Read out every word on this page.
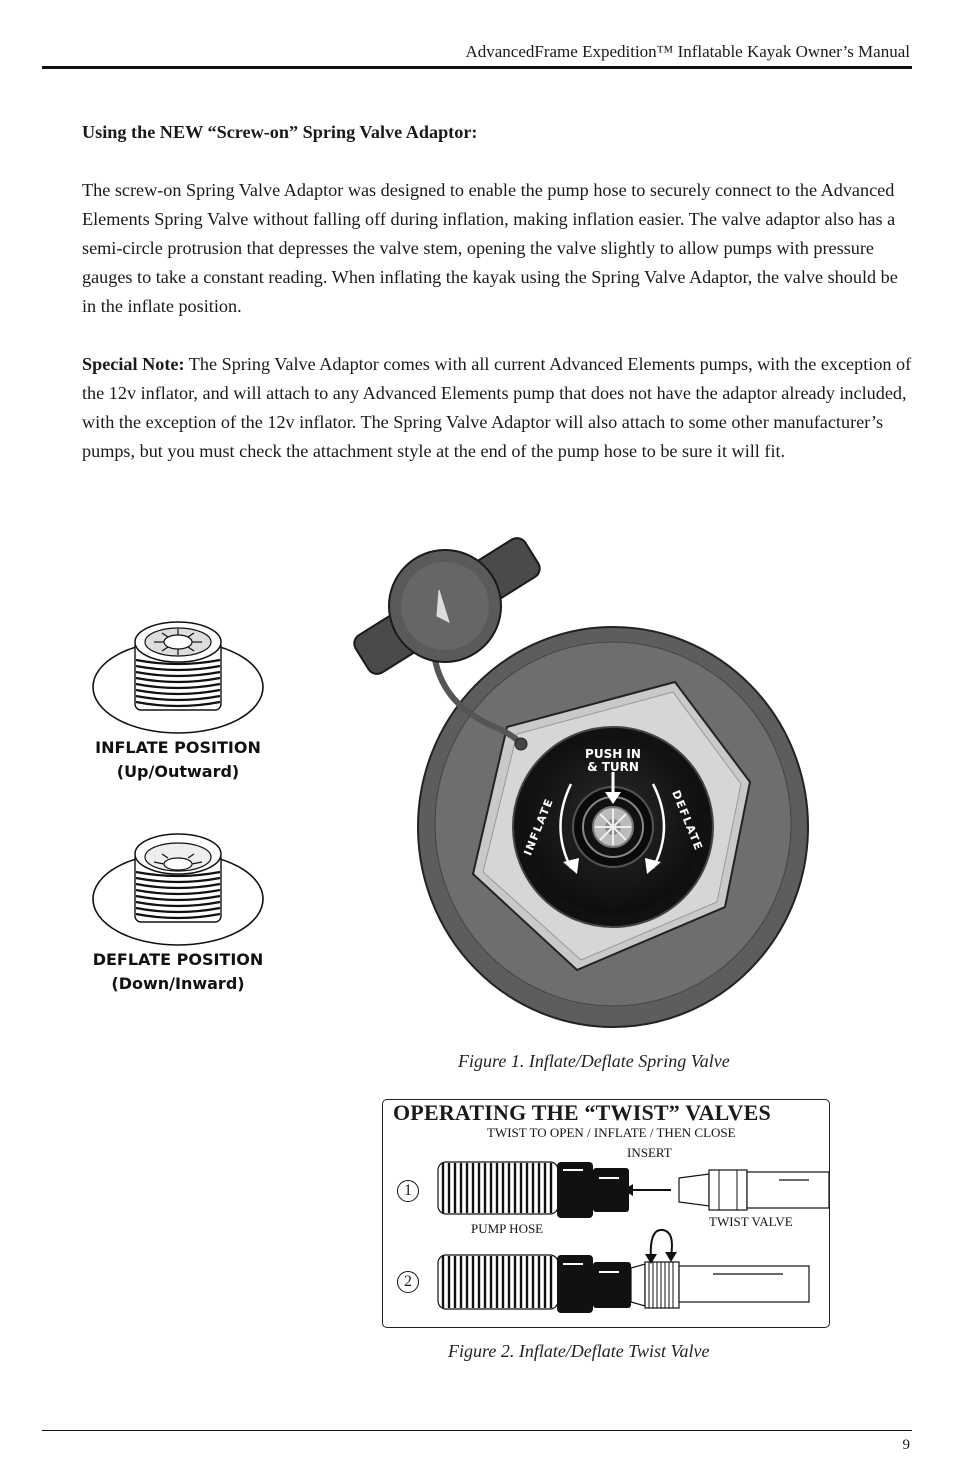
AdvancedFrame Expedition™ Inflatable Kayak Owner’s Manual

Using the NEW “Screw-on” Spring Valve Adaptor:

The screw-on Spring Valve Adaptor was designed to enable the pump hose to securely connect to the Advanced Elements Spring Valve without falling off during inflation, making inflation easier. The valve adaptor also has a semi-circle protrusion that depresses the valve stem, opening the valve slightly to allow pumps with pressure gauges to take a constant reading. When inflating the kayak using the Spring Valve Adaptor, the valve should be in the inflate position.

Special Note: The Spring Valve Adaptor comes with all current Advanced Elements pumps, with the exception of the 12v inflator, and will attach to any Advanced Elements pump that does not have the adaptor already included, with the exception of the 12v inflator. The Spring Valve Adaptor will also attach to some other manufacturer’s pumps, but you must check the attachment style at the end of the pump hose to be sure it will fit.

INFLATE POSITION
(Up/Outward)
DEFLATE POSITION
(Down/Inward)
PUSH IN
& TURN
INFLATE	DEFLATE
Figure 1. Inflate/Deflate Spring Valve
OPERATING THE “TWIST” VALVES
TWIST TO OPEN / INFLATE / THEN CLOSE
INSERT
1
PUMP HOSE	TWIST VALVE
2
Figure 2. Inflate/Deflate Twist Valve
9
